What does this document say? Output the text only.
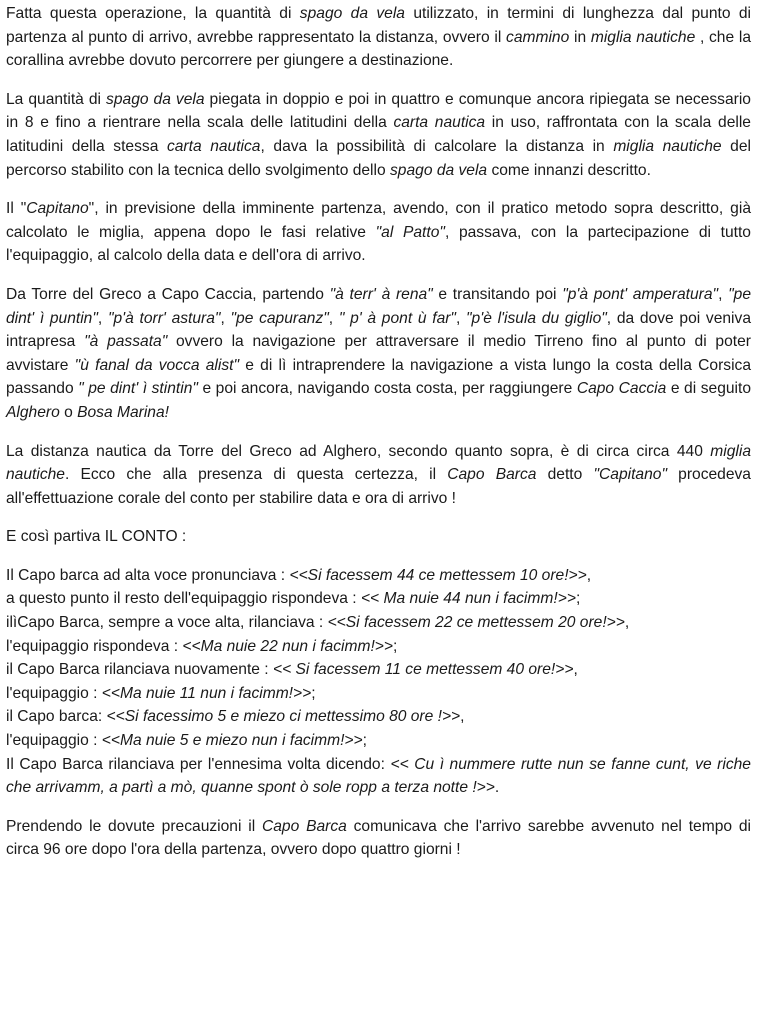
Fatta questa operazione, la quantità di spago da vela utilizzato, in termini di lunghezza dal punto di partenza al punto di arrivo, avrebbe rappresentato la distanza, ovvero il cammino in miglia nautiche , che la corallina avrebbe dovuto percorrere per giungere a destinazione.

La quantità di spago da vela piegata in doppio e poi in quattro e comunque ancora ripiegata se necessario in 8 e fino a rientrare nella scala delle latitudini della carta nautica in uso, raffrontata con la scala delle latitudini della stessa carta nautica, dava la possibilità di calcolare la distanza in miglia nautiche del percorso stabilito con la tecnica dello svolgimento dello spago da vela come innanzi descritto.

Il "Capitano", in previsione della imminente partenza, avendo, con il pratico metodo sopra descritto, già calcolato le miglia, appena dopo le fasi relative "al Patto", passava, con la partecipazione di tutto l'equipaggio, al calcolo della data e dell'ora di arrivo.

Da Torre del Greco a Capo Caccia, partendo "à terr' à rena" e transitando poi "p'à pont' amperatura", "pe dint' ì puntin", "p'à torr' astura", "pe capuranz", " p' à pont ù far", "p'è l'isula du giglio", da dove poi veniva intrapresa "à passata" ovvero la navigazione per attraversare il medio Tirreno fino al punto di poter avvistare "ù fanal da vocca alist" e di lì intraprendere la navigazione a vista lungo la costa della Corsica passando " pe dint' ì stintin" e poi ancora, navigando costa costa, per raggiungere Capo Caccia e di seguito Alghero o Bosa Marina!

La distanza nautica da Torre del Greco ad Alghero, secondo quanto sopra, è di circa circa 440 miglia nautiche. Ecco che alla presenza di questa certezza, il Capo Barca detto "Capitano" procedeva all'effettuazione corale del conto per stabilire data e ora di arrivo !

E così partiva IL CONTO :

Il Capo barca ad alta voce pronunciava : <<Si facessem 44 ce mettessem 10 ore!>>,

a questo punto il resto dell'equipaggio rispondeva : << Ma nuie 44 nun i facimm!>>;

ilìCapo Barca, sempre a voce alta, rilanciava : <<Si facessem 22 ce mettessem 20 ore!>>,

l'equipaggio rispondeva : <<Ma nuie 22 nun i facimm!>>;

il Capo Barca rilanciava nuovamente : << Si facessem 11 ce mettessem 40 ore!>>,

l'equipaggio : <<Ma nuie 11 nun i facimm!>>;

il Capo barca: <<Si facessimo 5 e miezo ci mettessimo 80 ore !>>,

l'equipaggio : <<Ma nuie 5 e miezo nun i facimm!>>;

Il Capo Barca rilanciava per l'ennesima volta dicendo: << Cu ì nummere rutte nun se fanne cunt, ve riche che arrivamm, a partì a mò, quanne spont ò sole ropp a terza notte !>>.

Prendendo le dovute precauzioni il Capo Barca comunicava che l'arrivo sarebbe avvenuto nel tempo di circa 96 ore dopo l'ora della partenza, ovvero dopo quattro giorni !
